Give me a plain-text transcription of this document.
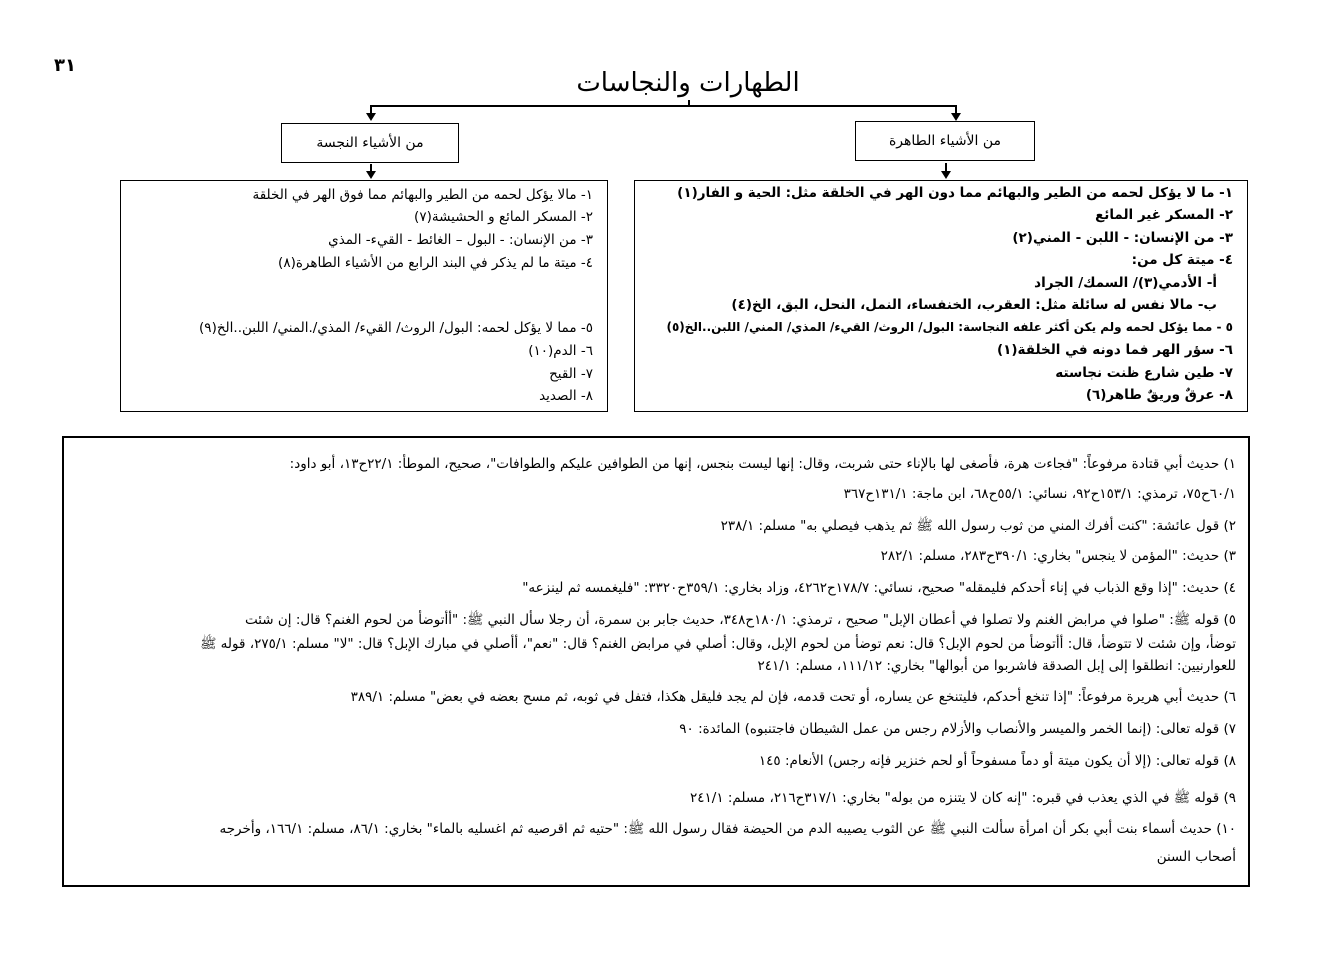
٣١
الطهارات والنجاسات
من الأشياء النجسة	من الأشياء الطاهرة
١- مالا يؤكل لحمه من الطير والبهائم مما فوق الهر في الخلقة
٢- المسكر المائع و الحشيشة(٧)
٣- من الإنسان: - البول – الغائط - القيء- المذي
٤- ميتة ما لم يذكر في البند الرابع من الأشياء الطاهرة(٨)
٥- مما لا يؤكل لحمه: البول/ الروث/ القيء/ المذي/.المني/ اللبن..الخ(٩)
٦- الدم(١٠)
٧- القيح
٨- الصديد
١- ما لا يؤكل لحمه من الطير والبهائم مما دون الهر في الخلقة مثل: الحية و الفار(١)
٢- المسكر غير المائع
٣- من الإنسان: - اللبن - المني(٢)
٤- ميتة كل من:
أ- الأدمي(٣)/ السمك/ الجراد
ب- مالا نفس له سائلة مثل: العقرب، الخنفساء، النمل، النحل، البق، الخ(٤)
٥ - مما يؤكل لحمه ولم يكن أكثر علفه النجاسة: البول/ الروث/ القيء/ المذي/ المني/ اللبن..الخ(٥)
٦- سؤر الهر فما دونه في الخلقة(١)
٧- طين شارع ظنت نجاسته
٨- عرقٌ وريقٌ طاهر(٦)
١) حديث أبي قتادة مرفوعاً: "فجاءت هرة، فأصغى لها بالإناء حتى شربت، وقال: إنها ليست بنجس، إنها من الطوافين عليكم والطوافات"، صحيح، الموطأ: ٢٢/١ح١٣، أبو داود:
٦٠/١ح٧٥، ترمذي: ١٥٣/١ح٩٢، نسائي: ٥٥/١ح٦٨، ابن ماجة: ١٣١/١ح٣٦٧
٢) قول عائشة: "كنت أفرك المني من ثوب رسول الله ﷺ ثم يذهب فيصلي به" مسلم: ٢٣٨/١
٣) حديث: "المؤمن لا ينجس" بخاري: ٣٩٠/١ح٢٨٣، مسلم: ٢٨٢/١
٤) حديث: "إذا وقع الذباب في إناء أحدكم فليمقله" صحيح، نسائي: ١٧٨/٧ح٤٢٦٢، وزاد بخاري: ٣٥٩/١ح٣٣٢٠: "فليغمسه ثم لينزعه"
٥) قوله ﷺ: "صلوا في مرابض الغنم ولا تصلوا في أعطان الإبل" صحيح ، ترمذي: ١٨٠/١ح٣٤٨، حديث جابر بن سمرة، أن رجلا سأل النبي ﷺ: "أأتوضأ من لحوم الغنم؟ قال: إن شئت
توضأ، وإن شئت لا تتوضأ، قال: أأتوضأ من لحوم الإبل؟ قال: نعم توضأ من لحوم الإبل، وقال: أصلي في مرابض الغنم؟ قال: "نعم"، أأصلي في مبارك الإبل؟ قال: "لا" مسلم: ٢٧٥/١، قوله ﷺ
للعوارنيين: انطلقوا إلى إبل الصدقة فاشربوا من أبوالها" بخاري: ١١١/١٢، مسلم: ٢٤١/١
٦) حديث أبي هريرة مرفوعاً: "إذا تنخع أحدكم، فليتنخع عن يساره، أو تحت قدمه، فإن لم يجد فليقل هكذا، فتفل في ثوبه، ثم مسح بعضه في بعض" مسلم: ٣٨٩/١
٧) قوله تعالى: (إنما الخمر والميسر والأنصاب والأزلام رجس من عمل الشيطان فاجتنبوه) المائدة: ٩٠
٨) قوله تعالى: (إلا أن يكون ميتة أو دماً مسفوحاً أو لحم خنزير فإنه رجس) الأنعام: ١٤٥
٩) قوله ﷺ في الذي يعذب في قبره: "إنه كان لا يتنزه من بوله" بخاري: ٣١٧/١ح٢١٦، مسلم: ٢٤١/١
١٠) حديث أسماء بنت أبي بكر أن امرأة سألت النبي ﷺ عن الثوب يصيبه الدم من الحيضة فقال رسول الله ﷺ: "حتيه ثم اقرصيه ثم اغسليه بالماء" بخاري: ٨٦/١، مسلم: ١٦٦/١، وأخرجه
أصحاب السنن
